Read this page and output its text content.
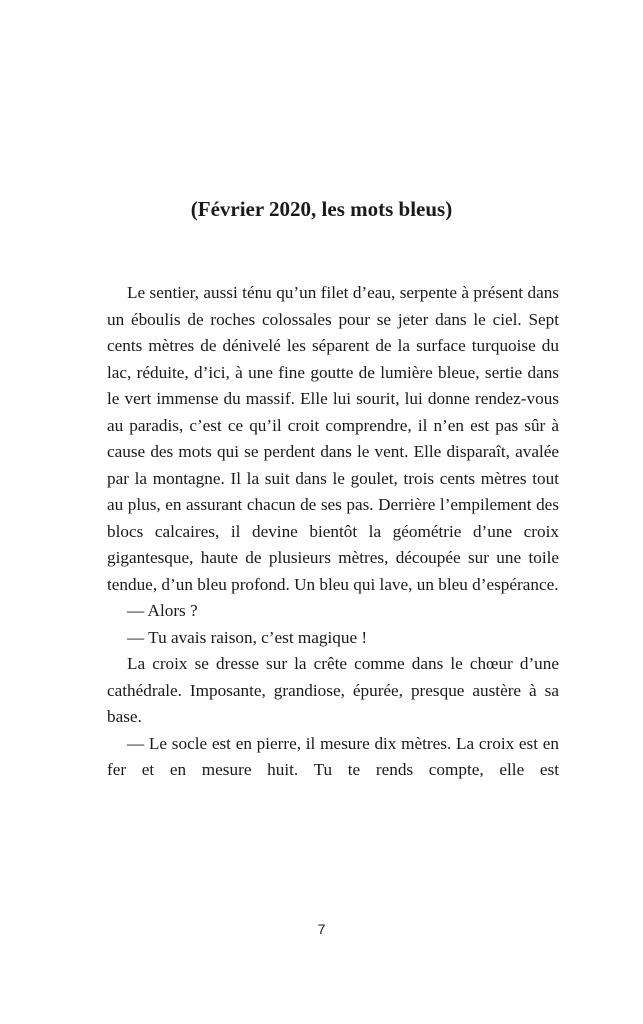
(Février 2020, les mots bleus)

Le sentier, aussi ténu qu’un filet d’eau, serpente à présent dans un éboulis de roches colossales pour se jeter dans le ciel. Sept cents mètres de dénivelé les séparent de la surface turquoise du lac, réduite, d’ici, à une fine goutte de lumière bleue, sertie dans le vert immense du massif. Elle lui sourit, lui donne rendez-vous au paradis, c’est ce qu’il croit comprendre, il n’en est pas sûr à cause des mots qui se perdent dans le vent. Elle disparaît, avalée par la montagne. Il la suit dans le goulet, trois cents mètres tout au plus, en assurant chacun de ses pas. Derrière l’empilement des blocs calcaires, il devine bientôt la géométrie d’une croix gigantesque, haute de plusieurs mètres, découpée sur une toile tendue, d’un bleu profond. Un bleu qui lave, un bleu d’espérance.

— Alors ?

— Tu avais raison, c’est magique !

La croix se dresse sur la crête comme dans le chœur d’une cathédrale. Imposante, grandiose, épurée, presque austère à sa base.

— Le socle est en pierre, il mesure dix mètres. La croix est en fer et en mesure huit. Tu te rends compte, elle est

7
